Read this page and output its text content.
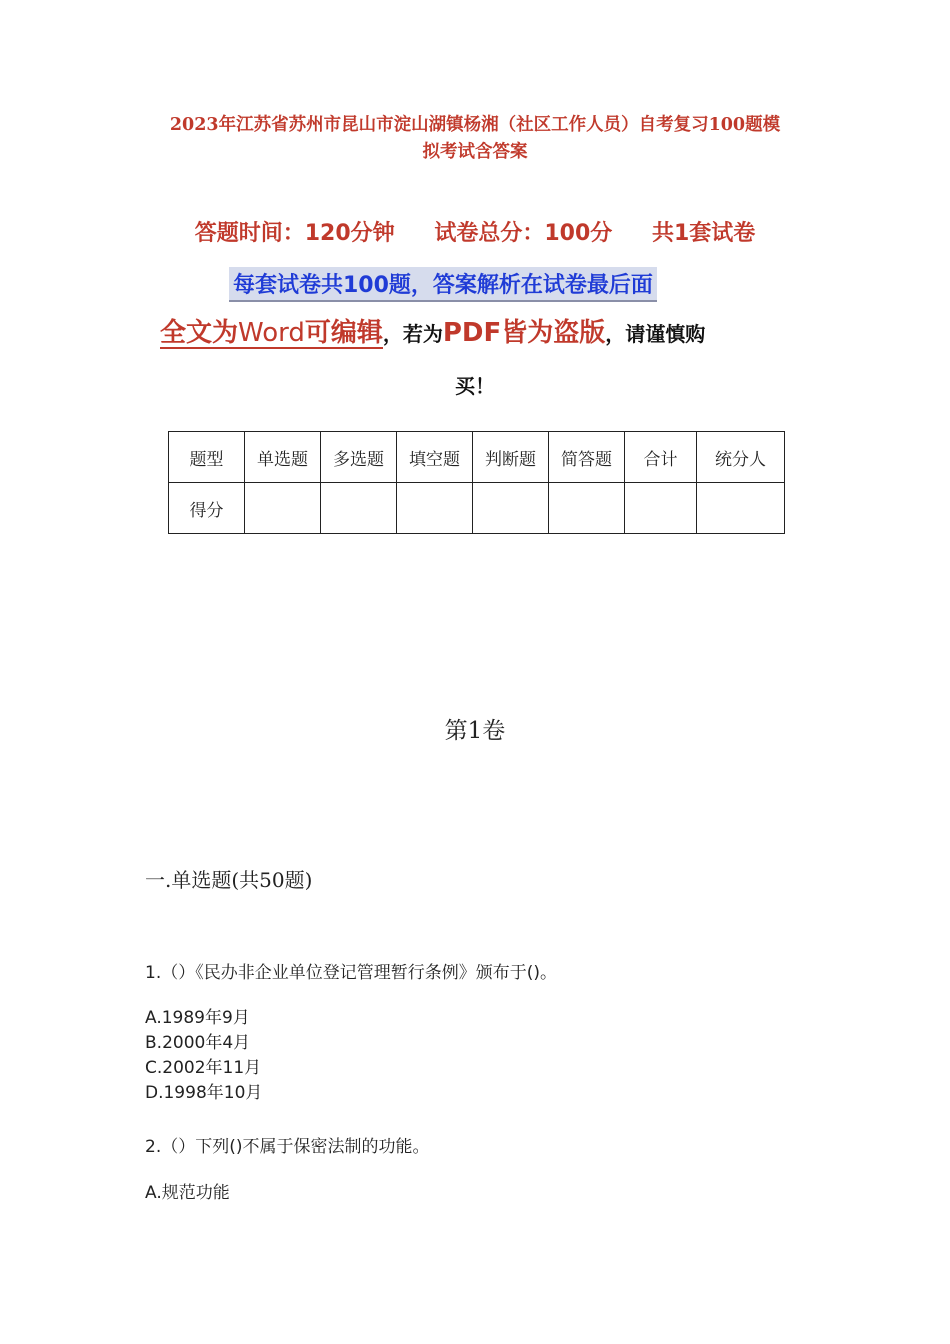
2023年江苏省苏州市昆山市淀山湖镇杨湘（社区工作人员）自考复习100题模
拟考试含答案
答题时间：120分钟 试卷总分：100分 共1套试卷
每套试卷共100题，答案解析在试卷最后面
全文为Word可编辑，若为PDF皆为盗版，请谨慎购
买！
题型	单选题	多选题	填空题	判断题	简答题	合计	统分人
得分							
第1卷
一.单选题(共50题)
1.（）《民办非企业单位登记管理暂行条例》颁布于()。
A.1989年9月
B.2000年4月
C.2002年11月
D.1998年10月
2.（）下列()不属于保密法制的功能。
A.规范功能
